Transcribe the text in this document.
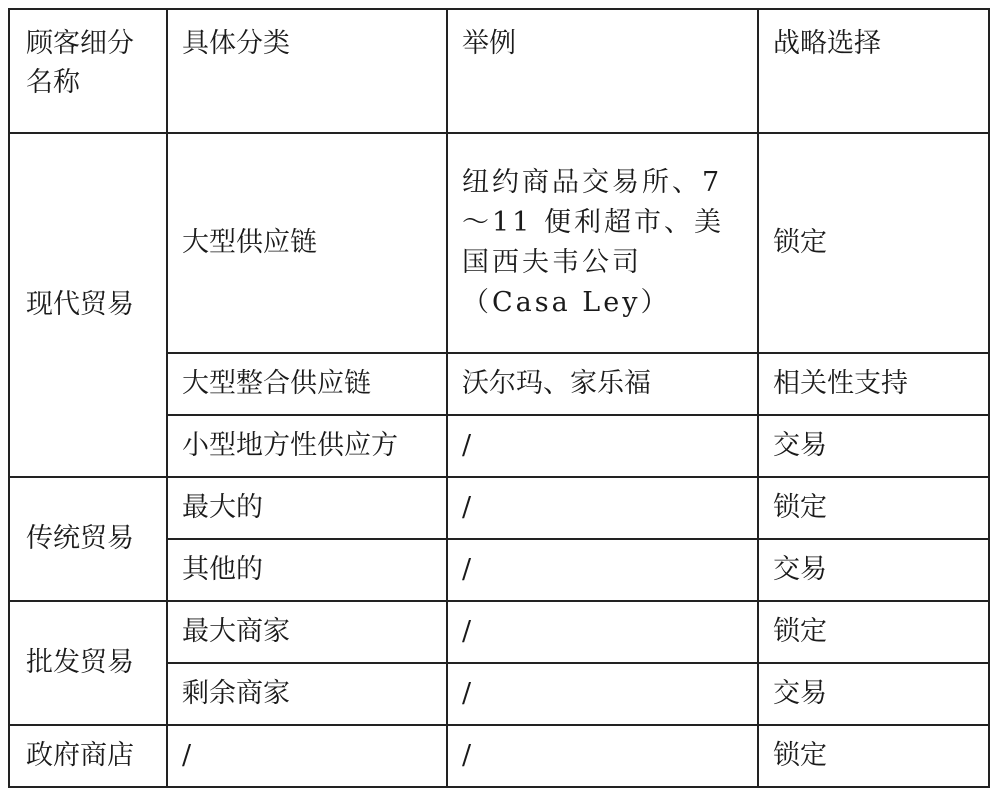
顾客细分名称	具体分类	举例	战略选择
现代贸易	大型供应链	纽约商品交易所、7～11 便利超市、美国西夫韦公司（Casa Ley）	锁定
	大型整合供应链	沃尔玛、家乐福	相关性支持
	小型地方性供应方	/	交易
传统贸易	最大的	/	锁定
	其他的	/	交易
批发贸易	最大商家	/	锁定
	剩余商家	/	交易
政府商店	/	/	锁定
